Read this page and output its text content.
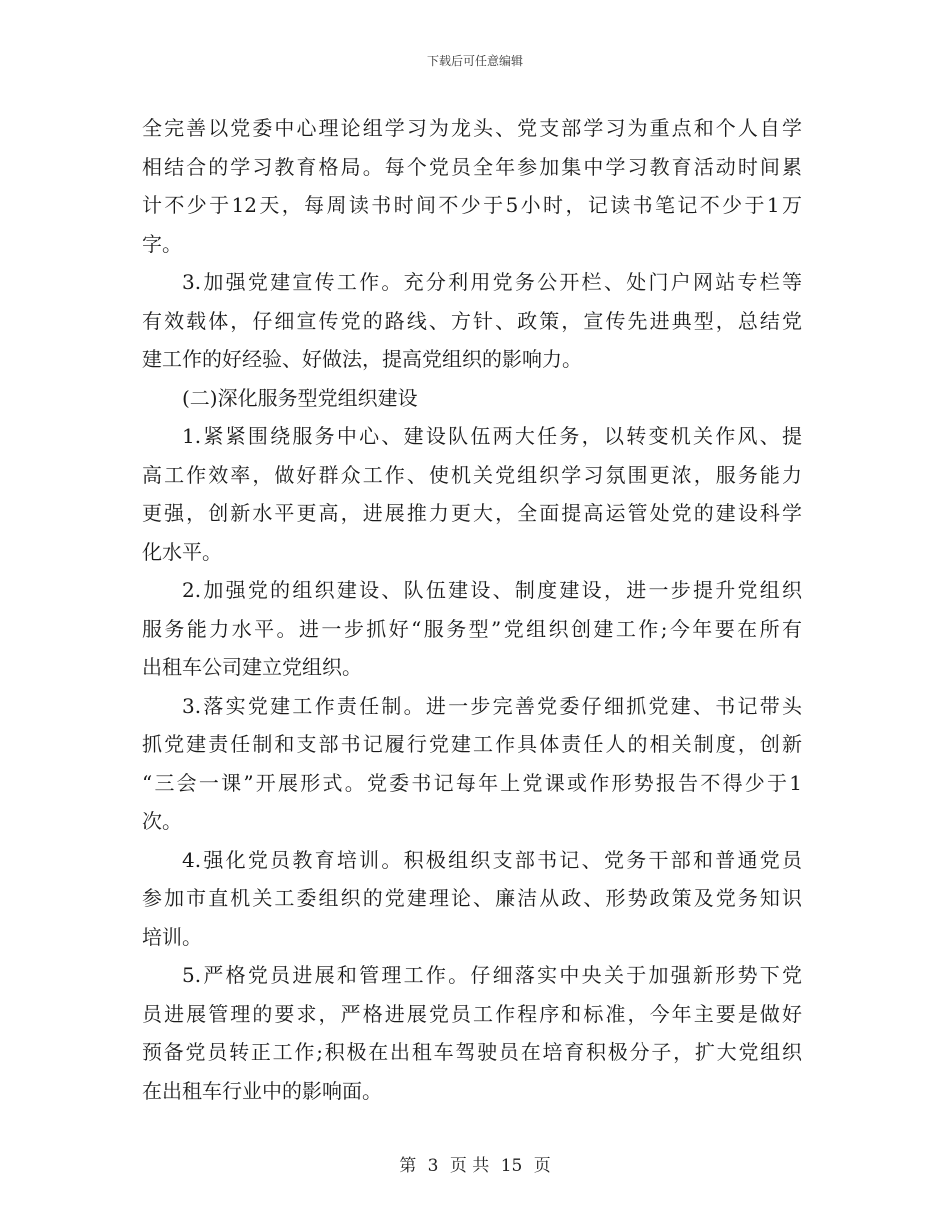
下载后可任意编辑
全完善以党委中心理论组学习为龙头、党支部学习为重点和个人自学
相结合的学习教育格局。每个党员全年参加集中学习教育活动时间累
计不少于12天，每周读书时间不少于5小时，记读书笔记不少于1万
字。
3.加强党建宣传工作。充分利用党务公开栏、处门户网站专栏等
有效载体，仔细宣传党的路线、方针、政策，宣传先进典型，总结党
建工作的好经验、好做法，提高党组织的影响力。
(二)深化服务型党组织建设
1.紧紧围绕服务中心、建设队伍两大任务，以转变机关作风、提
高工作效率，做好群众工作、使机关党组织学习氛围更浓，服务能力
更强，创新水平更高，进展推力更大，全面提高运管处党的建设科学
化水平。
2.加强党的组织建设、队伍建设、制度建设，进一步提升党组织
服务能力水平。进一步抓好“服务型”党组织创建工作;今年要在所有
出租车公司建立党组织。
3.落实党建工作责任制。进一步完善党委仔细抓党建、书记带头
抓党建责任制和支部书记履行党建工作具体责任人的相关制度，创新
“三会一课”开展形式。党委书记每年上党课或作形势报告不得少于1
次。
4.强化党员教育培训。积极组织支部书记、党务干部和普通党员
参加市直机关工委组织的党建理论、廉洁从政、形势政策及党务知识
培训。
5.严格党员进展和管理工作。仔细落实中央关于加强新形势下党
员进展管理的要求，严格进展党员工作程序和标准，今年主要是做好
预备党员转正工作;积极在出租车驾驶员在培育积极分子，扩大党组织
在出租车行业中的影响面。
第 3 页 共 15 页
